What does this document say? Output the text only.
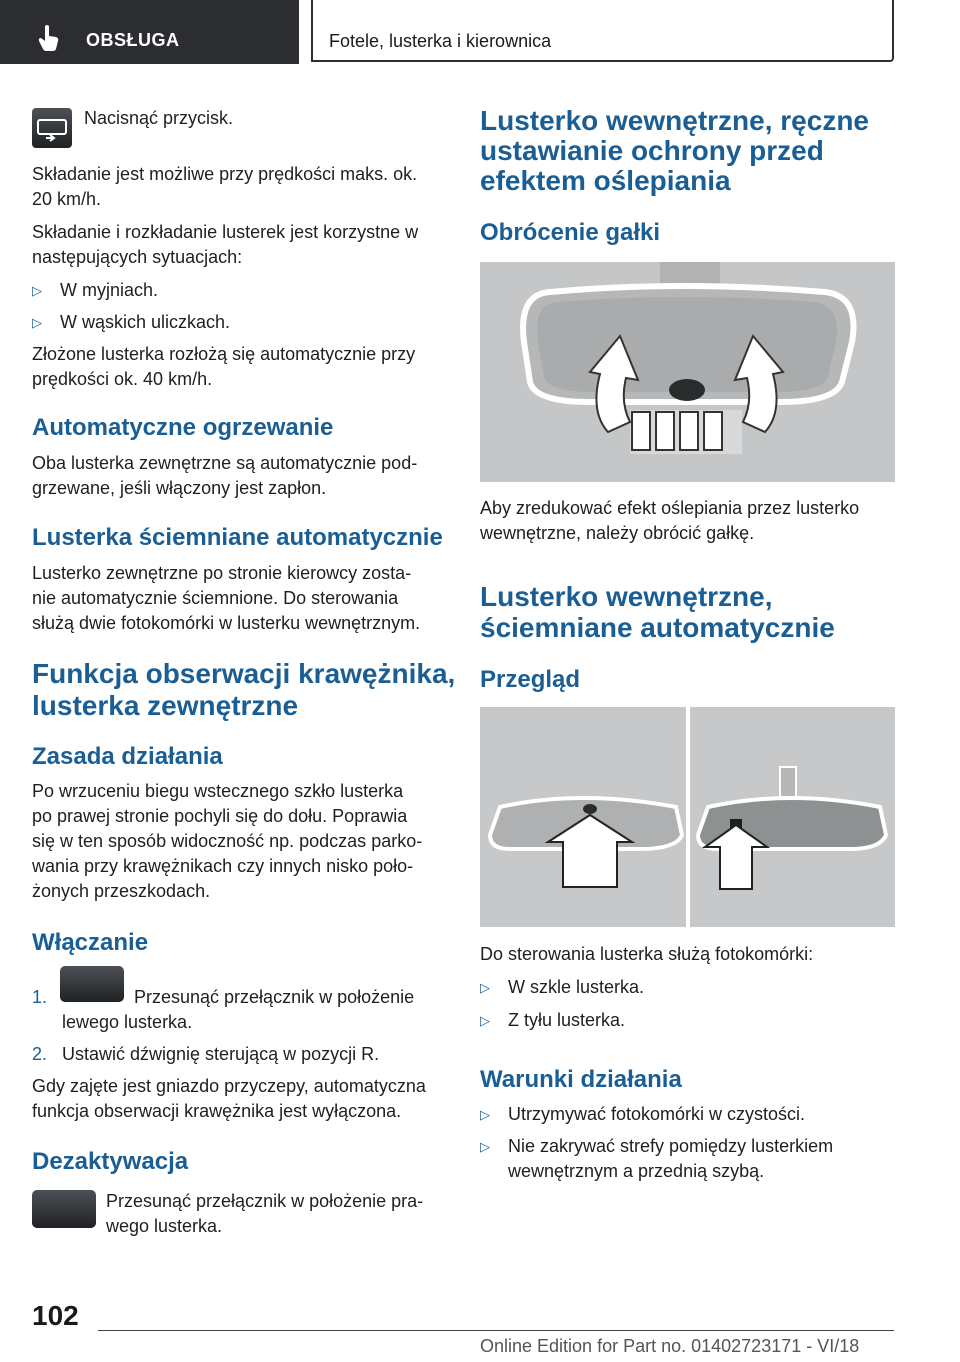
OBSŁUGA	Fotele, lusterka i kierownica
Nacisnąć przycisk.
Składanie jest możliwe przy prędkości maks. ok.
20 km/h.
Składanie i rozkładanie lusterek jest korzystne w
następujących sytuacjach:
▷ W myjniach.
▷ W wąskich uliczkach.
Złożone lusterka rozłożą się automatycznie przy
prędkości ok. 40 km/h.
Automatyczne ogrzewanie
Oba lusterka zewnętrzne są automatycznie pod-
grzewane, jeśli włączony jest zapłon.
Lusterka ściemniane automatycznie
Lusterko zewnętrzne po stronie kierowcy zosta-
nie automatycznie ściemnione. Do sterowania
służą dwie fotokomórki w lusterku wewnętrznym.
Funkcja obserwacji krawężnika,
lusterka zewnętrzne
Zasada działania
Po wrzuceniu biegu wstecznego szkło lusterka
po prawej stronie pochyli się do dołu. Poprawia
się w ten sposób widoczność np. podczas parko-
wania przy krawężnikach czy innych nisko poło-
żonych przeszkodach.
Włączanie
1.	Przesunąć przełącznik w położenie
lewego lusterka.
2. Ustawić dźwignię sterującą w pozycji R.
Gdy zajęte jest gniazdo przyczepy, automatyczna
funkcja obserwacji krawężnika jest wyłączona.
Dezaktywacja
Przesunąć przełącznik w położenie pra-
wego lusterka.
Lusterko wewnętrzne, ręczne
ustawianie ochrony przed
efektem oślepiania
Obrócenie gałki
Aby zredukować efekt oślepiania przez lusterko
wewnętrzne, należy obrócić gałkę.
Lusterko wewnętrzne,
ściemniane automatycznie
Przegląd
Do sterowania lusterka służą fotokomórki:
▷ W szkle lusterka.
▷ Z tyłu lusterka.
Warunki działania
▷ Utrzymywać fotokomórki w czystości.
▷ Nie zakrywać strefy pomiędzy lusterkiem
wewnętrznym a przednią szybą.
102
Online Edition for Part no. 01402723171 - VI/18
